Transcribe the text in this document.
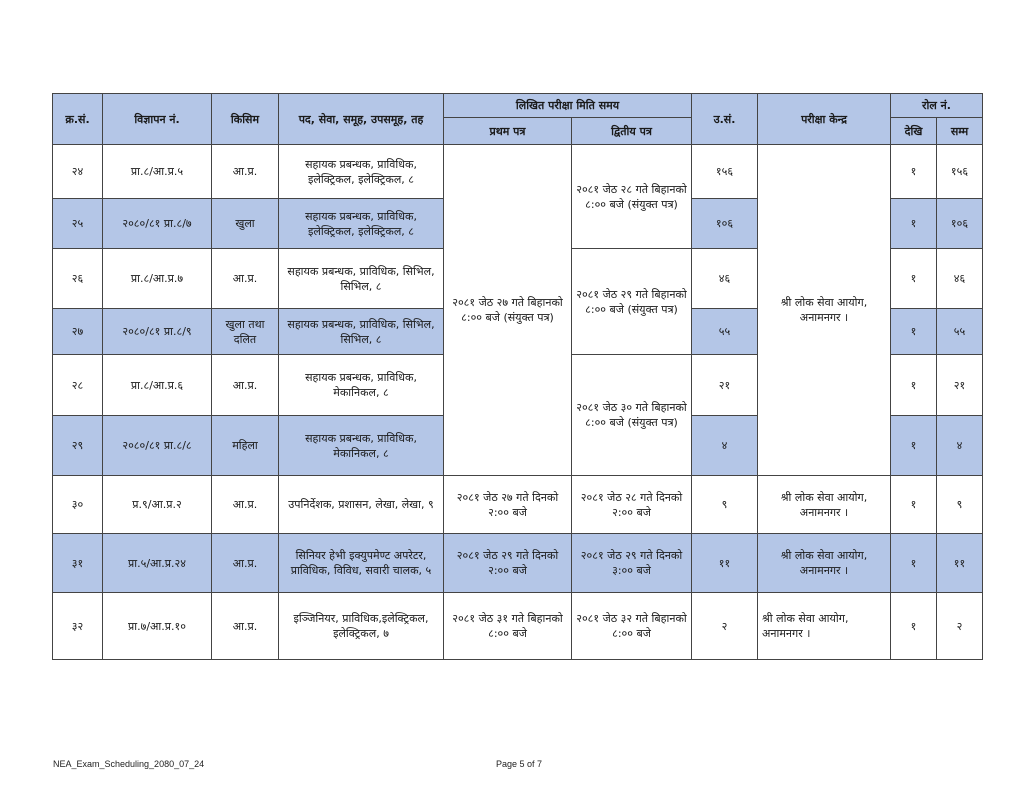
क्र.सं.	विज्ञापन नं.	किसिम	पद, सेवा, समूह, उपसमूह, तह	लिखित परीक्षा मिति समय		उ.सं.	परीक्षा केन्द्र	रोल नं.	
				प्रथम पत्र	द्वितीय पत्र			देखि	सम्म
२४	प्रा.८/आ.प्र.५	आ.प्र.	सहायक प्रबन्धक, प्राविधिक, इलेक्ट्रिकल, इलेक्ट्रिकल, ८	२०८१ जेठ २७ गते बिहानको ८:०० बजे (संयुक्त पत्र)	२०८१ जेठ २८ गते बिहानको ८:०० बजे (संयुक्त पत्र)	१५६	श्री लोक सेवा आयोग, अनामनगर ।	१	१५६
२५	२०८०/८१ प्रा.८/७	खुला	सहायक प्रबन्धक, प्राविधिक, इलेक्ट्रिकल, इलेक्ट्रिकल, ८			१०६		१	१०६
२६	प्रा.८/आ.प्र.७	आ.प्र.	सहायक प्रबन्धक, प्राविधिक, सिभिल, सिभिल, ८		२०८१ जेठ २९ गते बिहानको ८:०० बजे (संयुक्त पत्र)	४६		१	४६
२७	२०८०/८१ प्रा.८/९	खुला तथा दलित	सहायक प्रबन्धक, प्राविधिक, सिभिल, सिभिल, ८			५५		१	५५
२८	प्रा.८/आ.प्र.६	आ.प्र.	सहायक प्रबन्धक, प्राविधिक, मेकानिकल, ८		२०८१ जेठ ३० गते बिहानको ८:०० बजे (संयुक्त पत्र)	२१		१	२१
२९	२०८०/८१ प्रा.८/८	महिला	सहायक प्रबन्धक, प्राविधिक, मेकानिकल, ८			४		१	४
३०	प्र.९/आ.प्र.२	आ.प्र.	उपनिर्देशक, प्रशासन, लेखा, लेखा, ९	२०८१ जेठ २७ गते दिनको २:०० बजे	२०८१ जेठ २८ गते दिनको २:०० बजे	९	श्री लोक सेवा आयोग, अनामनगर ।	१	९
३१	प्रा.५/आ.प्र.२४	आ.प्र.	सिनियर हेभी इक्युपमेण्ट अपरेटर, प्राविधिक, विविध, सवारी चालक, ५	२०८१ जेठ २९ गते दिनको २:०० बजे	२०८१ जेठ २९ गते दिनको ३:०० बजे	११	श्री लोक सेवा आयोग, अनामनगर ।	१	११
३२	प्रा.७/आ.प्र.१०	आ.प्र.	इञ्जिनियर, प्राविधिक,इलेक्ट्रिकल, इलेक्ट्रिकल, ७	२०८१ जेठ ३१ गते बिहानको ८:०० बजे	२०८१ जेठ ३२ गते बिहानको ८:०० बजे	२	श्री लोक सेवा आयोग, अनामनगर ।	१	२
NEA_Exam_Scheduling_2080_07_24	Page 5 of 7
